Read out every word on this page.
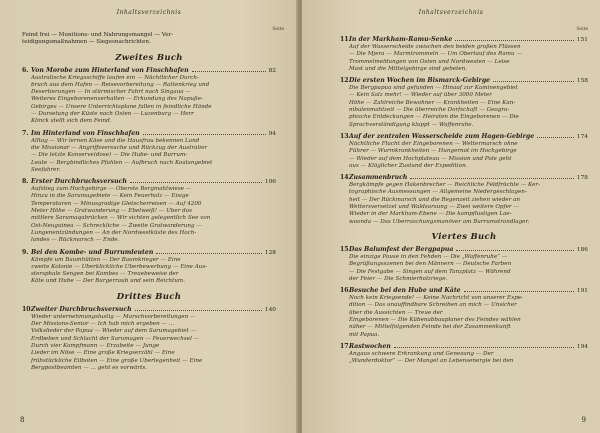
Inhaltsverzeichnis
Seite
Feind frei — Munitions- und Nahrungsmangel — Ver-
teidigungsmaßnahmen — Siegesnachrichten.
Zweites Buch
6. Von Morobe zum Hinterland von Finschhafen	82
Australische Kriegsschiffe laufen ein — Nächtlicher Durch-
bruch aus dem Hafen — Reisevorbereitung — Rattenkrieg und
Desertierungen — In stürmischer Fahrt nach Singaua —
Weiteres Eingeborenenverhalten — Erkundung des Napuße-
Gebirges — Unsere Unterrichtsplane fallen in feindliche Hände
— Dursetung der Küste nach Osten — Luzenburg — Herr
Klinck stellt sich dem Feind.
7. Im Hinterland von Finschhafen	94
Alltag — Wir lernen Käse und die Hausfrau bekennen Land
die Missionar — Angriffsversuche und Rückzug der Australier
— Die letzte Konserve(dose) — Die Hube- und Burrum-
Leute — Bergbindliches Pfahlen — Aufbruch nach Koalangebiet
Seefahrer.
8. Erster Durchbruchsversuch	106
Aufstieg zum Hochgebirge — Oberste Bergmahlwiese —
Hinzu in die Sarumagebiete — Kein Feuerholz — Eisige
Temperaturen — Minusgradige Gletscherreisen — Auf 4200
Meter Höhe — Gratwanderung — Ebelweiß! — Über das
mittlere Sarumaqabrücken — Wir sichten gelegentlich See von
Ost-Neuguinea — Schreckliche — Zweite Gratwanderung —
Lungenentzündungen — An der Nordwestküste des Hoch-
landes — Rückmarsch — Ende.
9. Bei den Kombe- und Burrumleuten	128
Kämpfe um Baumhütten — Der Baumkrieger — Eine
zweite Kolonie — Überklickliche Überbewerbung — Eine Aus-
stersphale Sengen bei Kombes — Treuebeweise der
Käte und Hube — Der Burgerraub und sein Reichtum.
Drittes Buch
10.
Zweiter Durchbruchsversuch	140
Wieder unternehmungslustig — Marschvorbereitungen —
Der Missions-Senior — Ich hab mich ergeben — ...
Volkslieder der Papua — Wieder auf dem Sarumagebiet —
Erdbeben und Schlacht der Sarumagen — Feuerwechsel —
Durch vier Kampfmann — Erzabeite — Junge
Lieder im Nöse — Eine große Kriegserzähl — Eine
frühstückliche Eilboten — Eine große Überlegenheit — Eine
Bergpostbeamten — ... geht es vorwärts.
8
Inhaltsverzeichnis
Seite
11.
In der Markham-Ramu-Senke	151
Auf der Wasserscheide zwischen den beiden großen Flüssen
— Die Mjera — Marmtrommeln — Um Obertauf des Ramu —
Trommelmeldungen von Osten und Nordwesten — Leise
Mast und die Mittelgebirge sind gebeten.
12.
Die ersten Wochen im Bismarck-Gebirge	158
Die Bergpapua sind gefunden — Hinauf zur Kaminengebiet
— Kein Salz mehr! — Wieder auf über 3000 Meter
Höhe — Zahlreiche Bewohner — Krankheiten — Eine Kan-
nibalenmahlzeit — Die überreiche Dorfschaft — Geogra-
phische Entdeckungen — Heiraten die Eingeborenen — Die
Sprachverständigung klappt — Waffenruhe.
13.
Auf der zentralen Wasserscheide zum Hagen-Gebirge	174
Nächtliche Flucht der Eingeborenen — Wettermarsch ohne
Führer — Wurmkrankheiten — Hungernot im Hochgebirge
— Wieder auf dem Hochplateau — Mission und Pole geht
aus — Kläglicher Zustand der Expedition.
14.
Zusammenbruch	178
Bergkämpfe gegen Hakenbrecher — Reichliche Feldfrüchte — Ker-
tographische Ausmessungen — Allgemeine Niedergeschlagen-
heit — Der Rückmarsch und die Regenzeit ziehen wieder an
Wettersversetzel und Waldsarsung — Zwei weitere Opfer —
Wieder in der Markham-Ebene — Die kampflustigen Lae-
woonda — Das Überraschungsmanöver am Burrumstrandlager.
Viertes Buch
15.
Das Balumfest der Bergpapua	186
Die einzige Pause in den Fehden — Die „Waffenruhe“ —
Begrüßungsszenen bei den Männern — Deutsche Farben
— Die Festgabe — Singen auf dem Tanzplatz — Während
der Feier — Die Schmierholzriege.
16.
Besuche bei den Hube und Käte	191
Noch kein Kriegsende! — Keine Nachricht von unserer Expe-
dition — Das unauffindbare Schreiben an mich — Unsicher
über die Aussichten — Treue der
Eingeborenen — Die Kübenabbauplaner des Feindes wählen
näher — Mittelfolgenden Feinde bei der Zusammenkunft
mit Papua.
17.
Rastwochen	194
Angaus schwere Erkrankung und Genesung — Der
„Wunderdoktor“ — Der Mangel an Lebensenergie bei den
9
